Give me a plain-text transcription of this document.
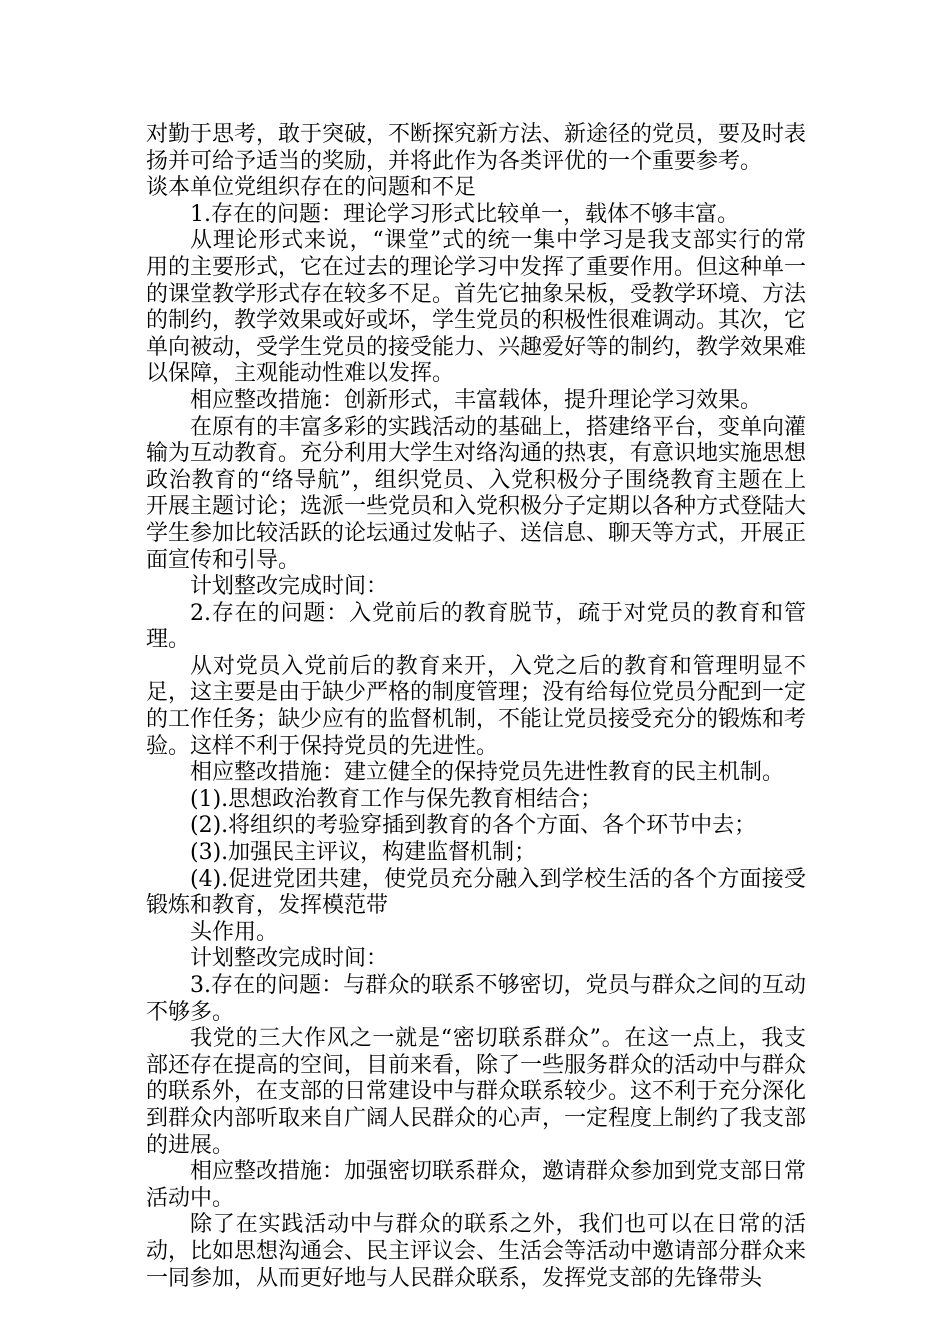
对勤于思考，敢于突破，不断探究新方法、新途径的党员，要及时表扬并可给予适当的奖励，并将此作为各类评优的一个重要参考。

谈本单位党组织存在的问题和不足

1.存在的问题：理论学习形式比较单一，载体不够丰富。

从理论形式来说，“课堂”式的统一集中学习是我支部实行的常用的主要形式，它在过去的理论学习中发挥了重要作用。但这种单一的课堂教学形式存在较多不足。首先它抽象呆板，受教学环境、方法的制约，教学效果或好或坏，学生党员的积极性很难调动。其次，它单向被动，受学生党员的接受能力、兴趣爱好等的制约，教学效果难以保障，主观能动性难以发挥。

相应整改措施：创新形式，丰富载体，提升理论学习效果。

在原有的丰富多彩的实践活动的基础上，搭建络平台，变单向灌输为互动教育。充分利用大学生对络沟通的热衷，有意识地实施思想政治教育的“络导航”，组织党员、入党积极分子围绕教育主题在上开展主题讨论；选派一些党员和入党积极分子定期以各种方式登陆大学生参加比较活跃的论坛通过发帖子、送信息、聊天等方式，开展正面宣传和引导。

计划整改完成时间：

2.存在的问题：入党前后的教育脱节，疏于对党员的教育和管理。

从对党员入党前后的教育来开，入党之后的教育和管理明显不足，这主要是由于缺少严格的制度管理；没有给每位党员分配到一定的工作任务；缺少应有的监督机制，不能让党员接受充分的锻炼和考验。这样不利于保持党员的先进性。

相应整改措施：建立健全的保持党员先进性教育的民主机制。

(1).思想政治教育工作与保先教育相结合；

(2).将组织的考验穿插到教育的各个方面、各个环节中去；

(3).加强民主评议，构建监督机制；

(4).促进党团共建，使党员充分融入到学校生活的各个方面接受锻炼和教育，发挥模范带

头作用。

计划整改完成时间：

3.存在的问题：与群众的联系不够密切，党员与群众之间的互动不够多。

我党的三大作风之一就是“密切联系群众”。在这一点上，我支部还存在提高的空间，目前来看，除了一些服务群众的活动中与群众的联系外，在支部的日常建设中与群众联系较少。这不利于充分深化到群众内部听取来自广阔人民群众的心声，一定程度上制约了我支部的进展。

相应整改措施：加强密切联系群众，邀请群众参加到党支部日常活动中。

除了在实践活动中与群众的联系之外，我们也可以在日常的活动，比如思想沟通会、民主评议会、生活会等活动中邀请部分群众来一同参加，从而更好地与人民群众联系，发挥党支部的先锋带头
